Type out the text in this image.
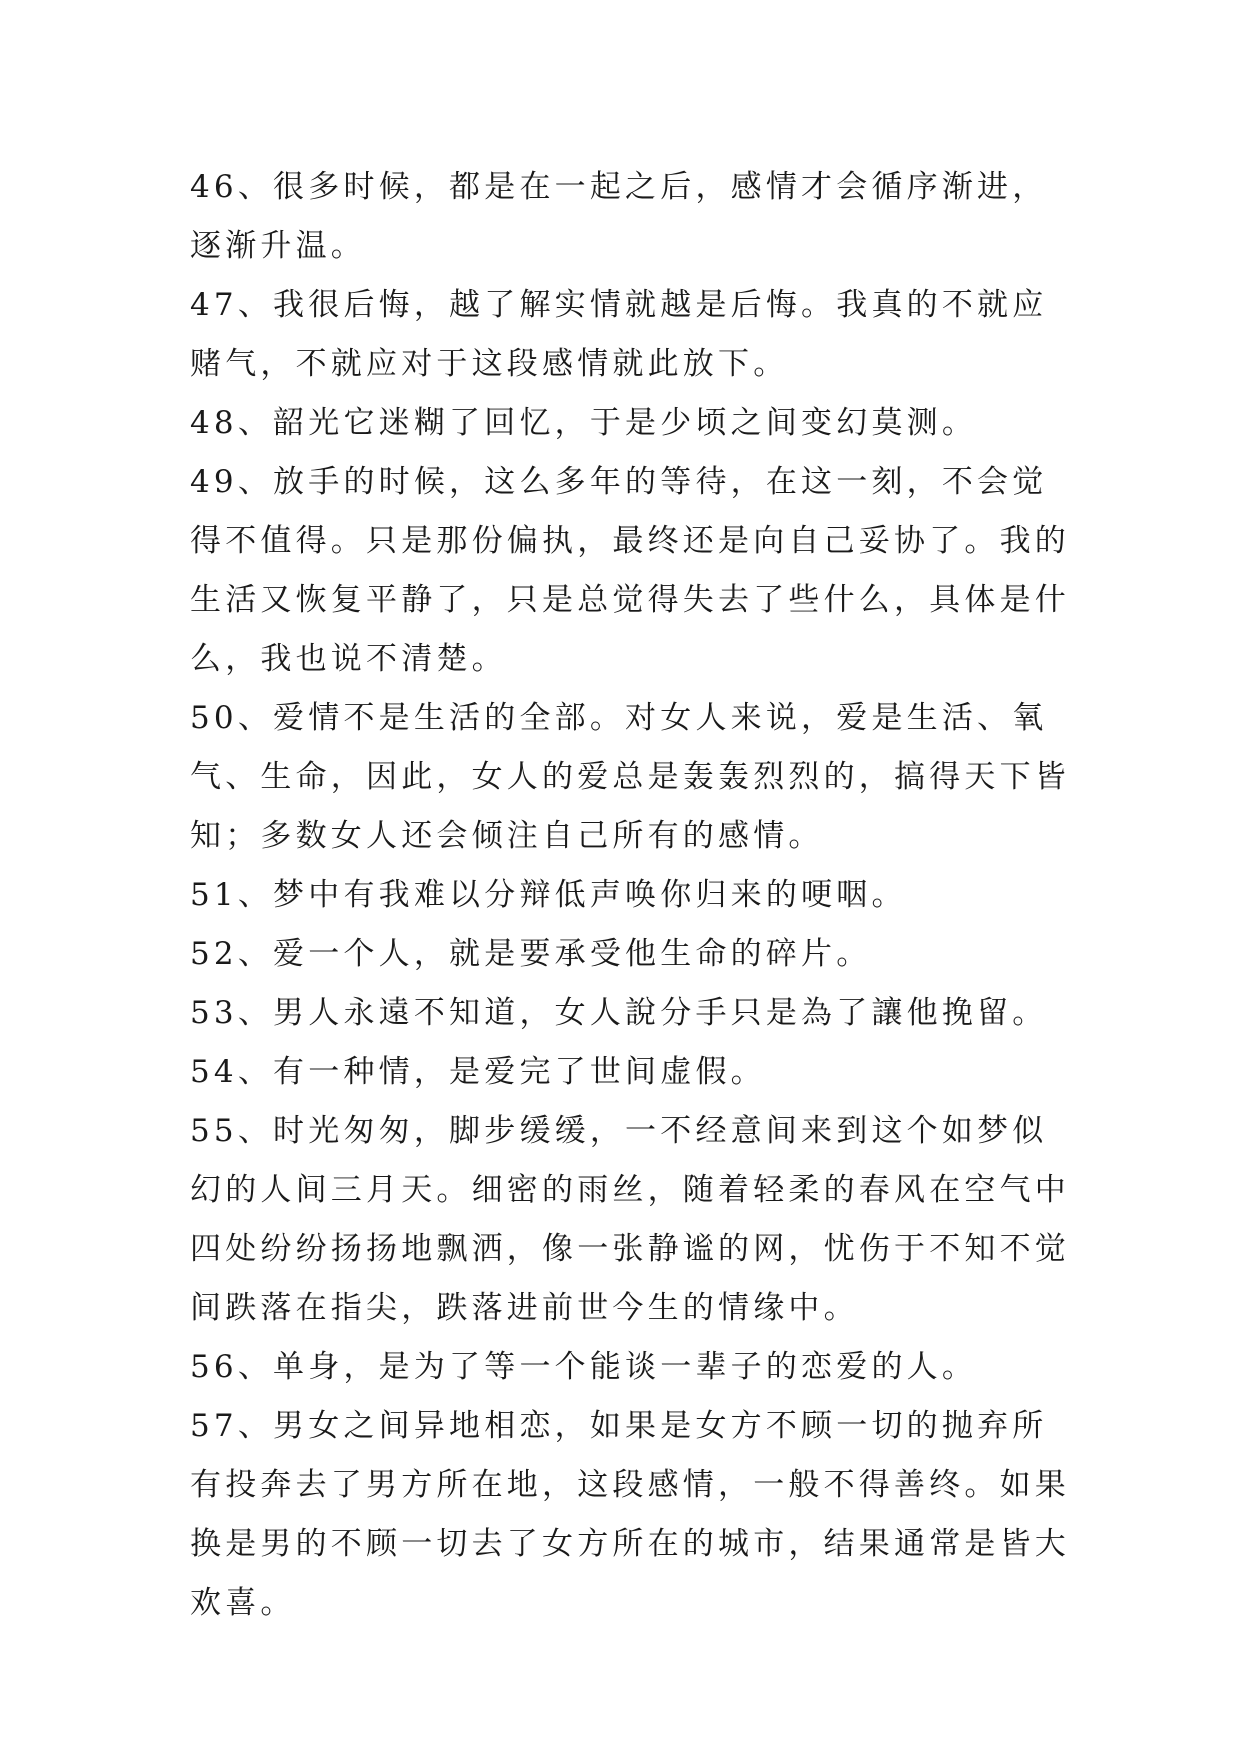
46、很多时候，都是在一起之后，感情才会循序渐进，逐渐升温。

47、我很后悔，越了解实情就越是后悔。我真的不就应赌气，不就应对于这段感情就此放下。

48、韶光它迷糊了回忆，于是少顷之间变幻莫测。

49、放手的时候，这么多年的等待，在这一刻，不会觉得不值得。只是那份偏执，最终还是向自己妥协了。我的生活又恢复平静了，只是总觉得失去了些什么，具体是什么，我也说不清楚。

50、爱情不是生活的全部。对女人来说，爱是生活、氧气、生命，因此，女人的爱总是轰轰烈烈的，搞得天下皆知；多数女人还会倾注自己所有的感情。

51、梦中有我难以分辩低声唤你归来的哽咽。

52、爱一个人，就是要承受他生命的碎片。

53、男人永遠不知道，女人說分手只是為了讓他挽留。

54、有一种情，是爱完了世间虚假。

55、时光匆匆，脚步缓缓，一不经意间来到这个如梦似幻的人间三月天。细密的雨丝，随着轻柔的春风在空气中四处纷纷扬扬地飘洒，像一张静谧的网，忧伤于不知不觉间跌落在指尖，跌落进前世今生的情缘中。

56、单身，是为了等一个能谈一辈子的恋爱的人。

57、男女之间异地相恋，如果是女方不顾一切的抛弃所有投奔去了男方所在地，这段感情，一般不得善终。如果换是男的不顾一切去了女方所在的城市，结果通常是皆大欢喜。
